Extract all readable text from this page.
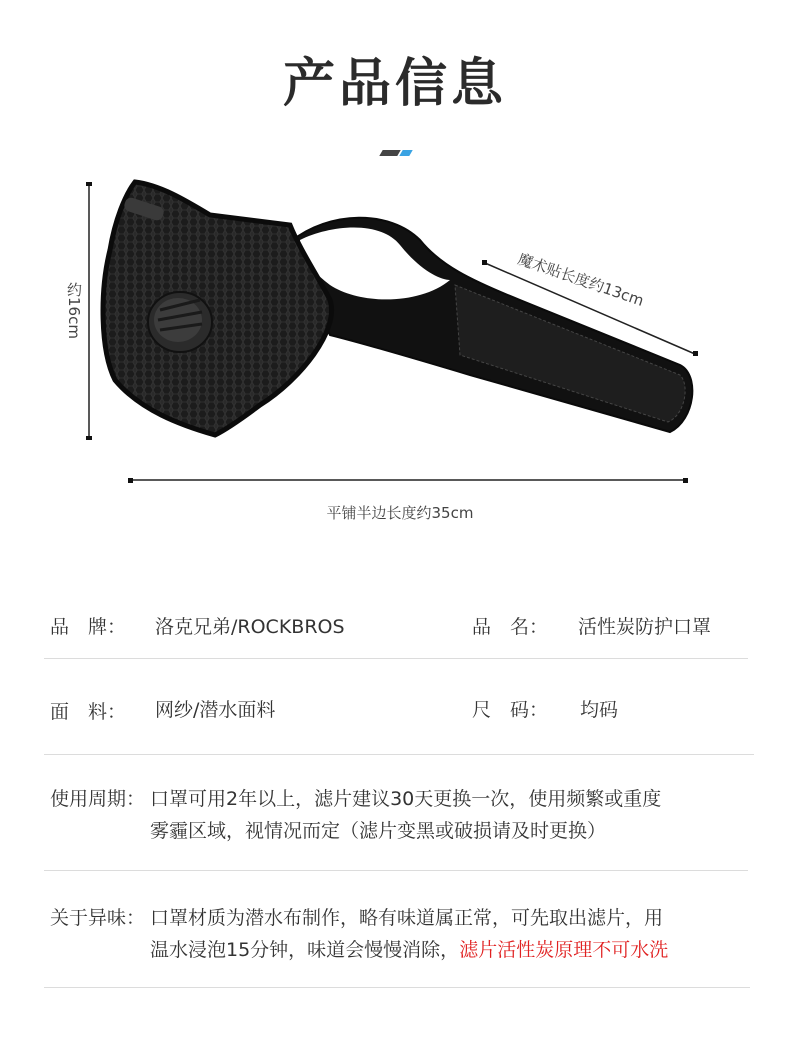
产品信息
约16cm
魔术贴长度约13cm
平铺半边长度约35cm
品　牌： 洛克兄弟/ROCKBROS	品　名： 活性炭防护口罩
面　料： 网纱/潜水面料	尺　码： 均码
使用周期： 口罩可用2年以上，滤片建议30天更换一次，使用频繁或重度
雾霾区域，视情况而定（滤片变黑或破损请及时更换）
关于异味： 口罩材质为潜水布制作，略有味道属正常，可先取出滤片，用
温水浸泡15分钟，味道会慢慢消除，滤片活性炭原理不可水洗
